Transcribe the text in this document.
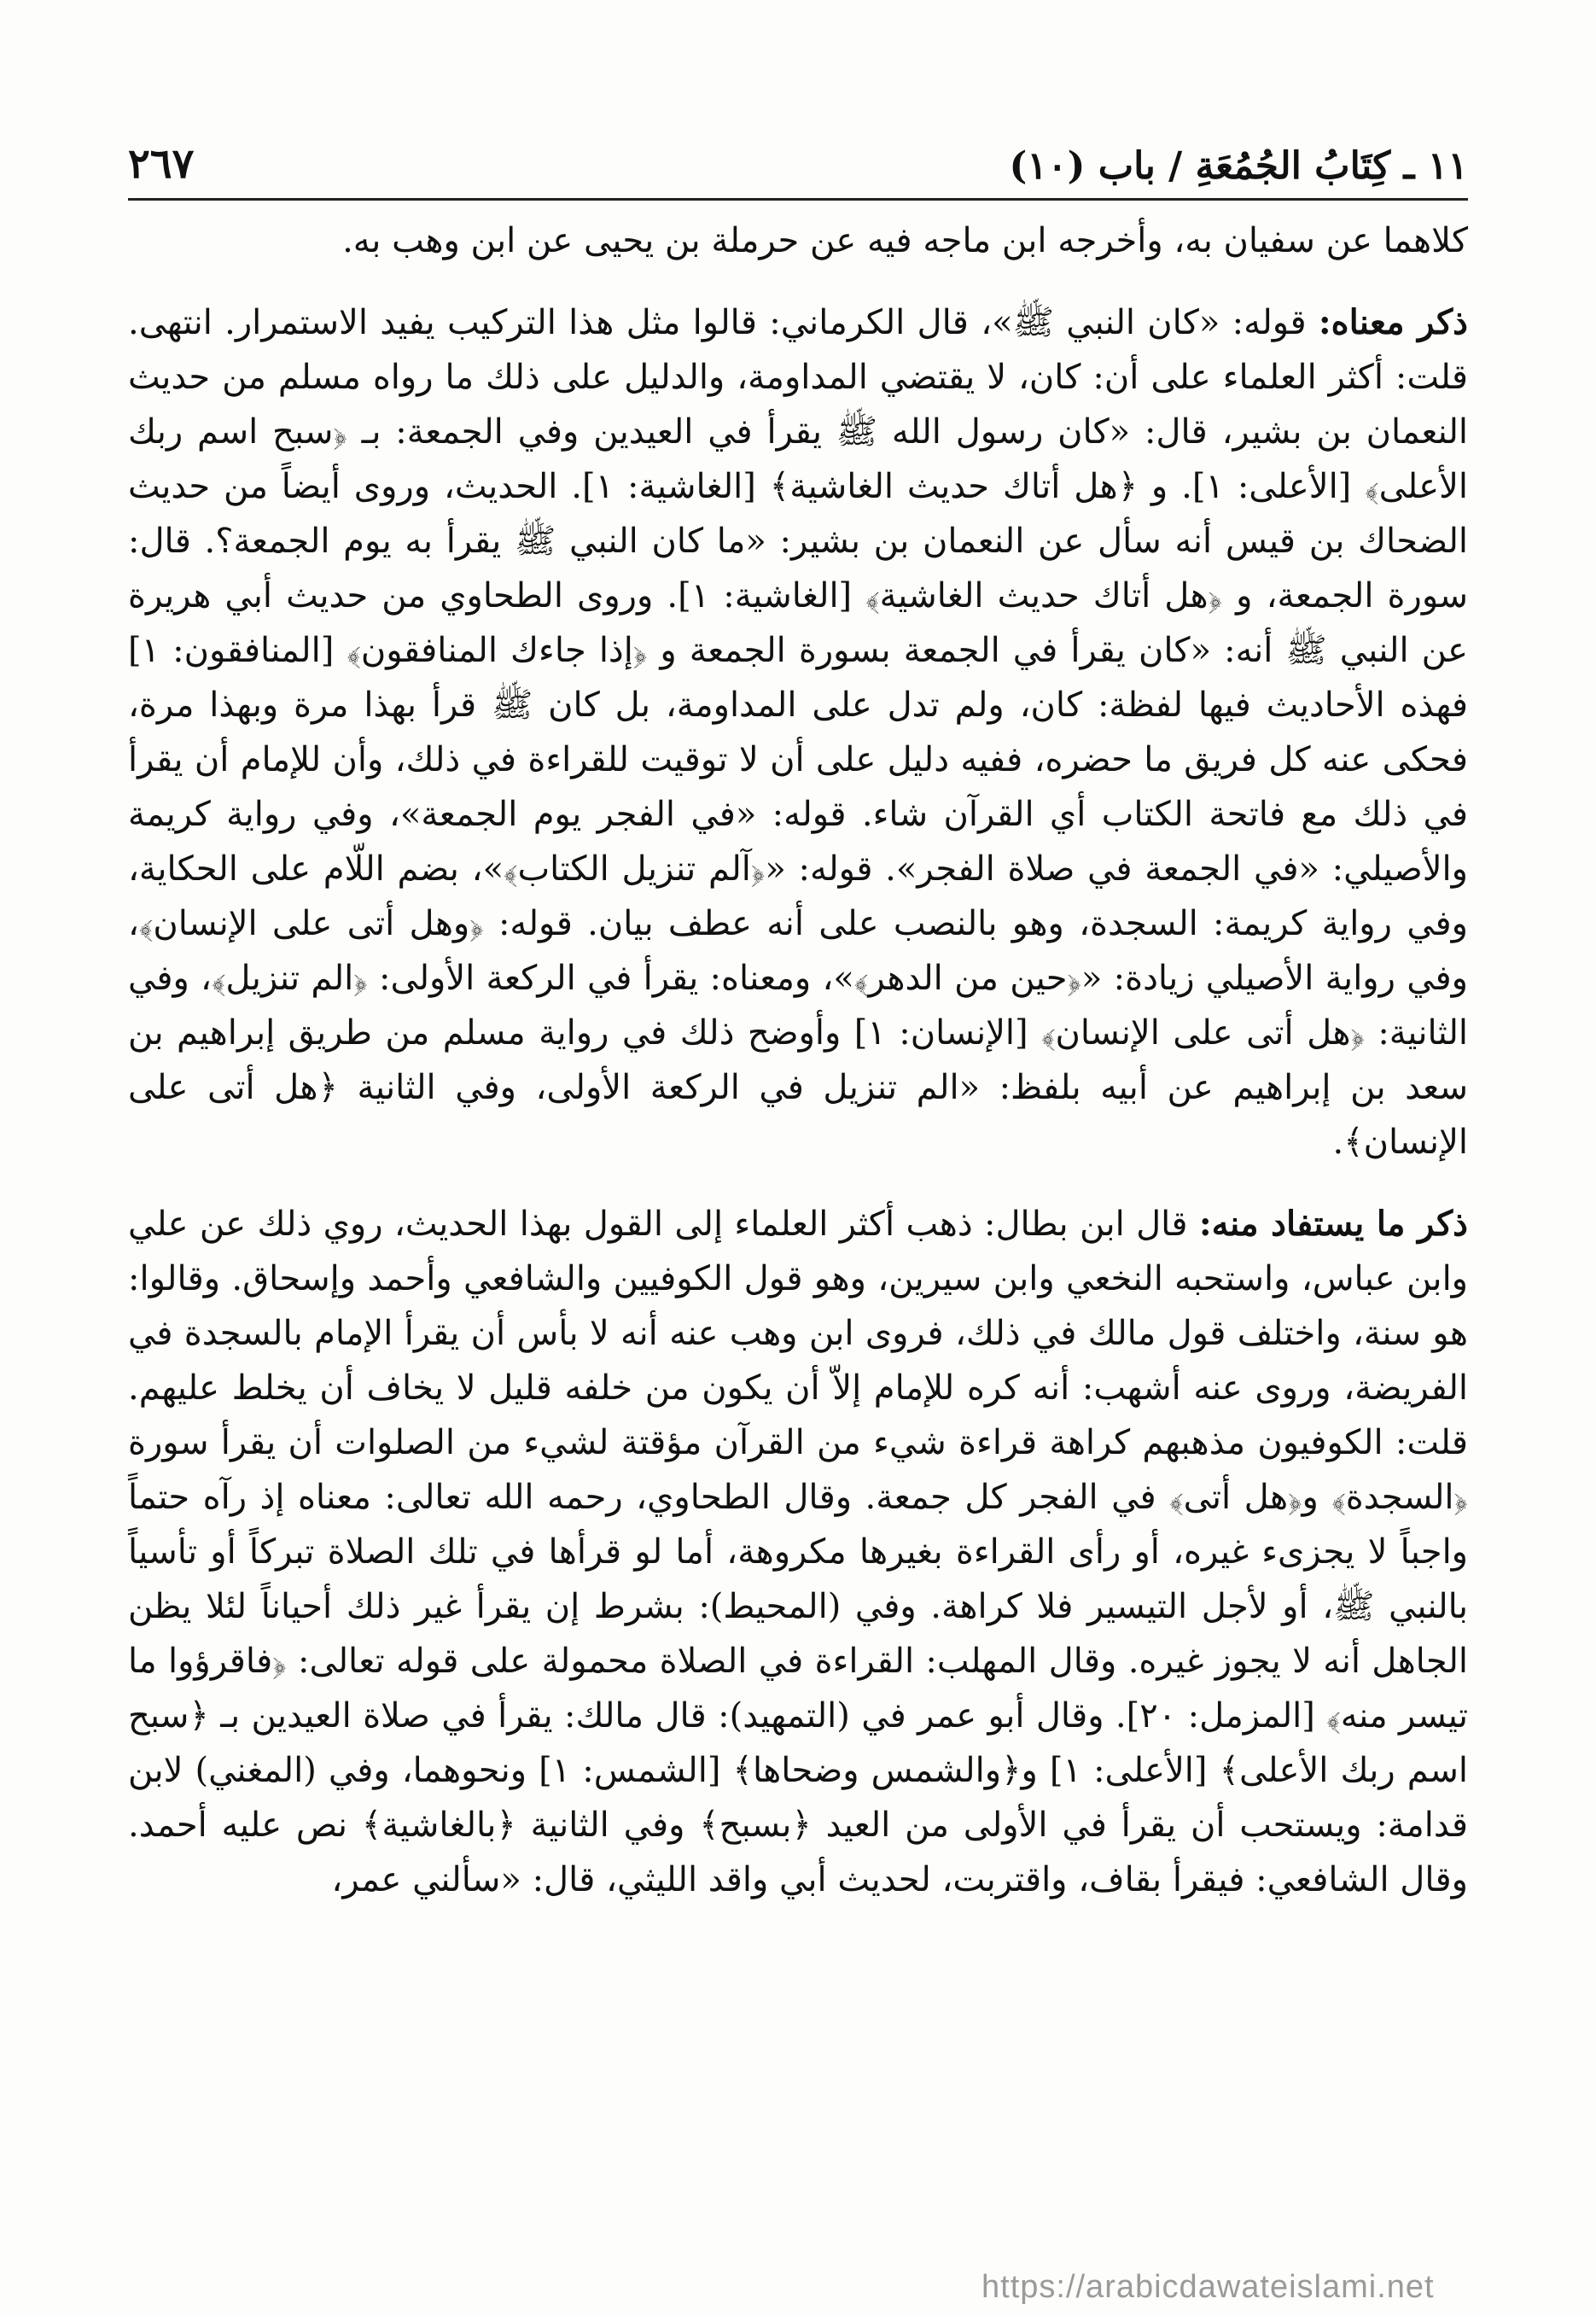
١١ ـ كِتَابُ الجُمُعَةِ / باب (١٠)
٢٦٧

كلاهما عن سفيان به، وأخرجه ابن ماجه فيه عن حرملة بن يحيى عن ابن وهب به.

ذكر معناه: قوله: «كان النبي ﷺ»، قال الكرماني: قالوا مثل هذا التركيب يفيد الاستمرار. انتهى. قلت: أكثر العلماء على أن: كان، لا يقتضي المداومة، والدليل على ذلك ما رواه مسلم من حديث النعمان بن بشير، قال: «كان رسول الله ﷺ يقرأ في العيدين وفي الجمعة: بـ ﴿سبح اسم ربك الأعلى﴾ [الأعلى: ١]. و ﴿هل أتاك حديث الغاشية﴾ [الغاشية: ١]. الحديث، وروى أيضاً من حديث الضحاك بن قيس أنه سأل عن النعمان بن بشير: «ما كان النبي ﷺ يقرأ به يوم الجمعة؟. قال: سورة الجمعة، و ﴿هل أتاك حديث الغاشية﴾ [الغاشية: ١]. وروى الطحاوي من حديث أبي هريرة عن النبي ﷺ أنه: «كان يقرأ في الجمعة بسورة الجمعة و ﴿إذا جاءك المنافقون﴾ [المنافقون: ١] فهذه الأحاديث فيها لفظة: كان، ولم تدل على المداومة، بل كان ﷺ قرأ بهذا مرة وبهذا مرة، فحكى عنه كل فريق ما حضره، ففيه دليل على أن لا توقيت للقراءة في ذلك، وأن للإمام أن يقرأ في ذلك مع فاتحة الكتاب أي القرآن شاء. قوله: «في الفجر يوم الجمعة»، وفي رواية كريمة والأصيلي: «في الجمعة في صلاة الفجر». قوله: «﴿آلم تنزيل الكتاب﴾»، بضم اللّام على الحكاية، وفي رواية كريمة: السجدة، وهو بالنصب على أنه عطف بيان. قوله: ﴿وهل أتى على الإنسان﴾، وفي رواية الأصيلي زيادة: «﴿حين من الدهر﴾»، ومعناه: يقرأ في الركعة الأولى: ﴿الم تنزيل﴾، وفي الثانية: ﴿هل أتى على الإنسان﴾ [الإنسان: ١] وأوضح ذلك في رواية مسلم من طريق إبراهيم بن سعد بن إبراهيم عن أبيه بلفظ: «الم تنزيل في الركعة الأولى، وفي الثانية ﴿هل أتى على الإنسان﴾.

ذكر ما يستفاد منه: قال ابن بطال: ذهب أكثر العلماء إلى القول بهذا الحديث، روي ذلك عن علي وابن عباس، واستحبه النخعي وابن سيرين، وهو قول الكوفيين والشافعي وأحمد وإسحاق. وقالوا: هو سنة، واختلف قول مالك في ذلك، فروى ابن وهب عنه أنه لا بأس أن يقرأ الإمام بالسجدة في الفريضة، وروى عنه أشهب: أنه كره للإمام إلاّ أن يكون من خلفه قليل لا يخاف أن يخلط عليهم. قلت: الكوفيون مذهبهم كراهة قراءة شيء من القرآن مؤقتة لشيء من الصلوات أن يقرأ سورة ﴿السجدة﴾ و﴿هل أتى﴾ في الفجر كل جمعة. وقال الطحاوي، رحمه الله تعالى: معناه إذ رآه حتماً واجباً لا يجزىء غيره، أو رأى القراءة بغيرها مكروهة، أما لو قرأها في تلك الصلاة تبركاً أو تأسياً بالنبي ﷺ، أو لأجل التيسير فلا كراهة. وفي (المحيط): بشرط إن يقرأ غير ذلك أحياناً لئلا يظن الجاهل أنه لا يجوز غيره. وقال المهلب: القراءة في الصلاة محمولة على قوله تعالى: ﴿فاقرؤوا ما تيسر منه﴾ [المزمل: ٢٠]. وقال أبو عمر في (التمهيد): قال مالك: يقرأ في صلاة العيدين بـ ﴿سبح اسم ربك الأعلى﴾ [الأعلى: ١] و﴿والشمس وضحاها﴾ [الشمس: ١] ونحوهما، وفي (المغني) لابن قدامة: ويستحب أن يقرأ في الأولى من العيد ﴿بسبح﴾ وفي الثانية ﴿بالغاشية﴾ نص عليه أحمد. وقال الشافعي: فيقرأ بقاف، واقتربت، لحديث أبي واقد الليثي، قال: «سألني عمر،

https://arabicdawateislami.net
